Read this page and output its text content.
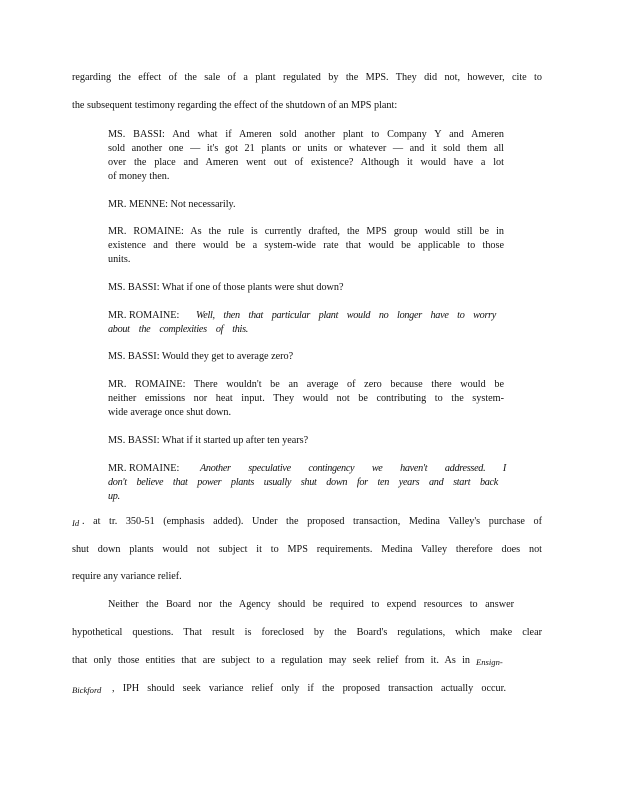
regarding the effect of the sale of a plant regulated by the MPS. They did not, however, cite to
the subsequent testimony regarding the effect of the shutdown of an MPS plant:
MS. BASSI: And what if Ameren sold another plant to Company Y and Ameren
sold another one — it's got 21 plants or units or whatever — and it sold them all
over the place and Ameren went out of existence? Although it would have a lot
of money then.
MR. MENNE: Not necessarily.
MR. ROMAINE: As the rule is currently drafted, the MPS group would still be in
existence and there would be a system-wide rate that would be applicable to those
units.
MS. BASSI: What if one of those plants were shut down?
MR. ROMAINE: Well, then that particular plant would no longer have to worry
about the complexities of this.
MS. BASSI: Would they get to average zero?
MR. ROMAINE: There wouldn't be an average of zero because there would be
neither emissions nor heat input. They would not be contributing to the system-
wide average once shut down.
MS. BASSI: What if it started up after ten years?
MR. ROMAINE: Another speculative contingency we haven't addressed. I
don't believe that power plants usually shut down for ten years and start back
up.
Id . at tr. 350-51 (emphasis added). Under the proposed transaction, Medina Valley's purchase of
shut down plants would not subject it to MPS requirements. Medina Valley therefore does not
require any variance relief.
Neither the Board nor the Agency should be required to expend resources to answer
hypothetical questions. That result is foreclosed by the Board's regulations, which make clear
that only those entities that are subject to a regulation may seek relief from it. As in Ensign-
Bickford , IPH should seek variance relief only if the proposed transaction actually occur.
